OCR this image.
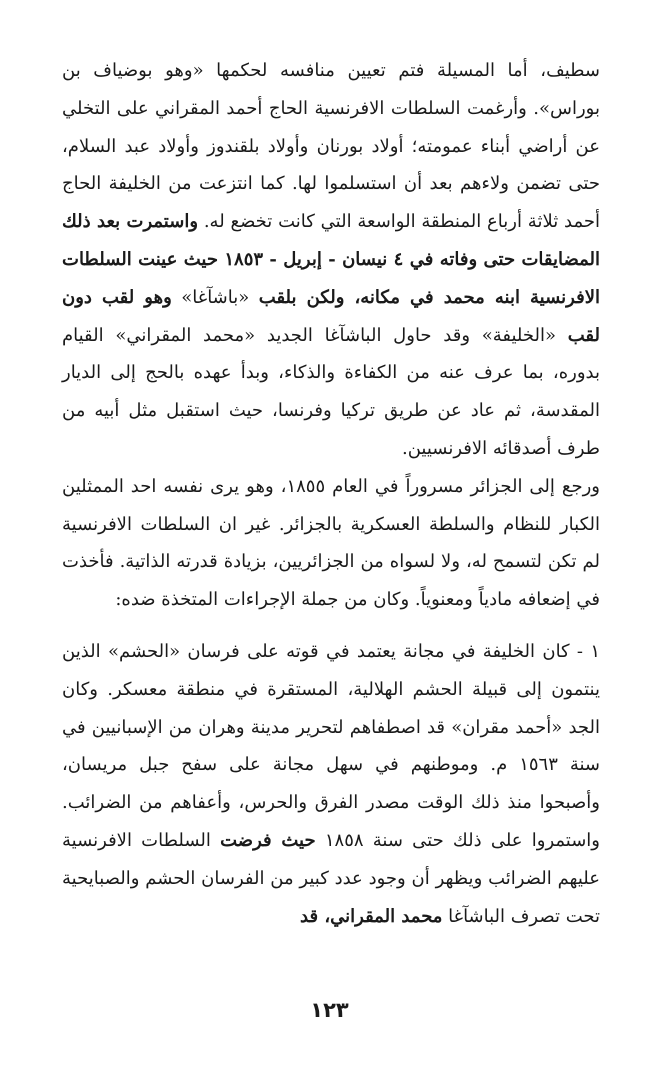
سطيف، أما المسيلة فتم تعيين منافسه لحكمها «وهو بوضياف بن بوراس». وأرغمت السلطات الافرنسية الحاج أحمد المقراني على التخلي عن أراضي أبناء عمومته؛ أولاد بورنان وأولاد بلقندوز وأولاد عبد السلام، حتى تضمن ولاءهم بعد أن استسلموا لها. كما انتزعت من الخليفة الحاج أحمد ثلاثة أرباع المنطقة الواسعة التي كانت تخضع له. واستمرت بعد ذلك المضايقات حتى وفاته في ٤ نيسان - إبريل - ١٨٥٣ حيث عينت السلطات الافرنسية ابنه محمد في مكانه، ولكن بلقب «باشآغا» وهو لقب دون لقب «الخليفة» وقد حاول الباشآغا الجديد «محمد المقراني» القيام بدوره، بما عرف عنه من الكفاءة والذكاء، وبدأ عهده بالحج إلى الديار المقدسة، ثم عاد عن طريق تركيا وفرنسا، حيث استقبل مثل أبيه من طرف أصدقائه الافرنسيين.

ورجع إلى الجزائر مسروراً في العام ١٨٥٥، وهو يرى نفسه احد الممثلين الكبار للنظام والسلطة العسكرية بالجزائر. غير ان السلطات الافرنسية لم تكن لتسمح له، ولا لسواه من الجزائريين، بزيادة قدرته الذاتية. فأخذت في إضعافه مادياً ومعنوياً. وكان من جملة الإجراءات المتخذة ضده:

١ - كان الخليفة في مجانة يعتمد في قوته على فرسان «الحشم» الذين ينتمون إلى قبيلة الحشم الهلالية، المستقرة في منطقة معسكر. وكان الجد «أحمد مقران» قد اصطفاهم لتحرير مدينة وهران من الإسبانيين في سنة ١٥٦٣ م. وموطنهم في سهل مجانة على سفح جبل مريسان، وأصبحوا منذ ذلك الوقت مصدر الفرق والحرس، وأعفاهم من الضرائب. واستمروا على ذلك حتى سنة ١٨٥٨ حيث فرضت السلطات الافرنسية عليهم الضرائب ويظهر أن وجود عدد كبير من الفرسان الحشم والصبايحية تحت تصرف الباشآغا محمد المقراني، قد

١٢٣
